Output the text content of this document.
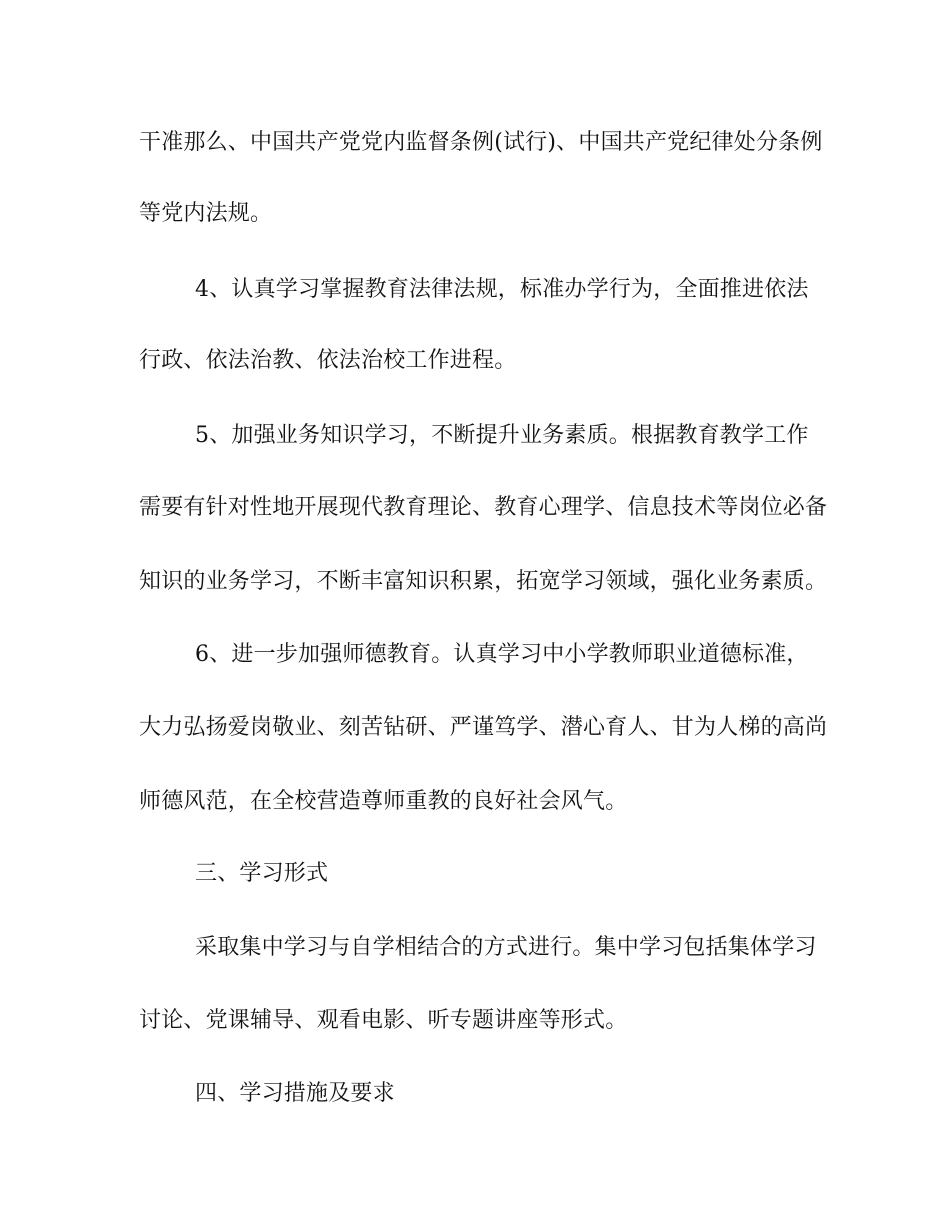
干准那么、中国共产党党内监督条例(试行)、中国共产党纪律处分条例
等党内法规。
4、认真学习掌握教育法律法规，标准办学行为，全面推进依法
行政、依法治教、依法治校工作进程。
5、加强业务知识学习，不断提升业务素质。根据教育教学工作
需要有针对性地开展现代教育理论、教育心理学、信息技术等岗位必备
知识的业务学习，不断丰富知识积累，拓宽学习领域，强化业务素质。
6、进一步加强师德教育。认真学习中小学教师职业道德标准，
大力弘扬爱岗敬业、刻苦钻研、严谨笃学、潜心育人、甘为人梯的高尚
师德风范，在全校营造尊师重教的良好社会风气。
三、学习形式
采取集中学习与自学相结合的方式进行。集中学习包括集体学习
讨论、党课辅导、观看电影、听专题讲座等形式。
四、学习措施及要求
